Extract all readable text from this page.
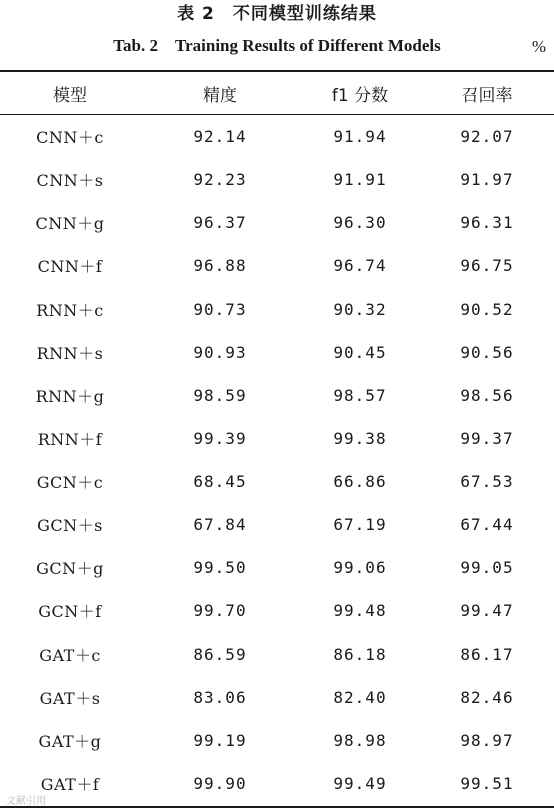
表 2　不同模型训练结果
Tab. 2　Training Results of Different Models	%
模型	精度	f1 分数	召回率
CNN＋c	92.14	91.94	92.07
CNN＋s	92.23	91.91	91.97
CNN＋g	96.37	96.30	96.31
CNN＋f	96.88	96.74	96.75
RNN＋c	90.73	90.32	90.52
RNN＋s	90.93	90.45	90.56
RNN＋g	98.59	98.57	98.56
RNN＋f	99.39	99.38	99.37
GCN＋c	68.45	66.86	67.53
GCN＋s	67.84	67.19	67.44
GCN＋g	99.50	99.06	99.05
GCN＋f	99.70	99.48	99.47
GAT＋c	86.59	86.18	86.17
GAT＋s	83.06	82.40	82.46
GAT＋g	99.19	98.98	98.97
GAT＋f	99.90	99.49	99.51
文献引用
